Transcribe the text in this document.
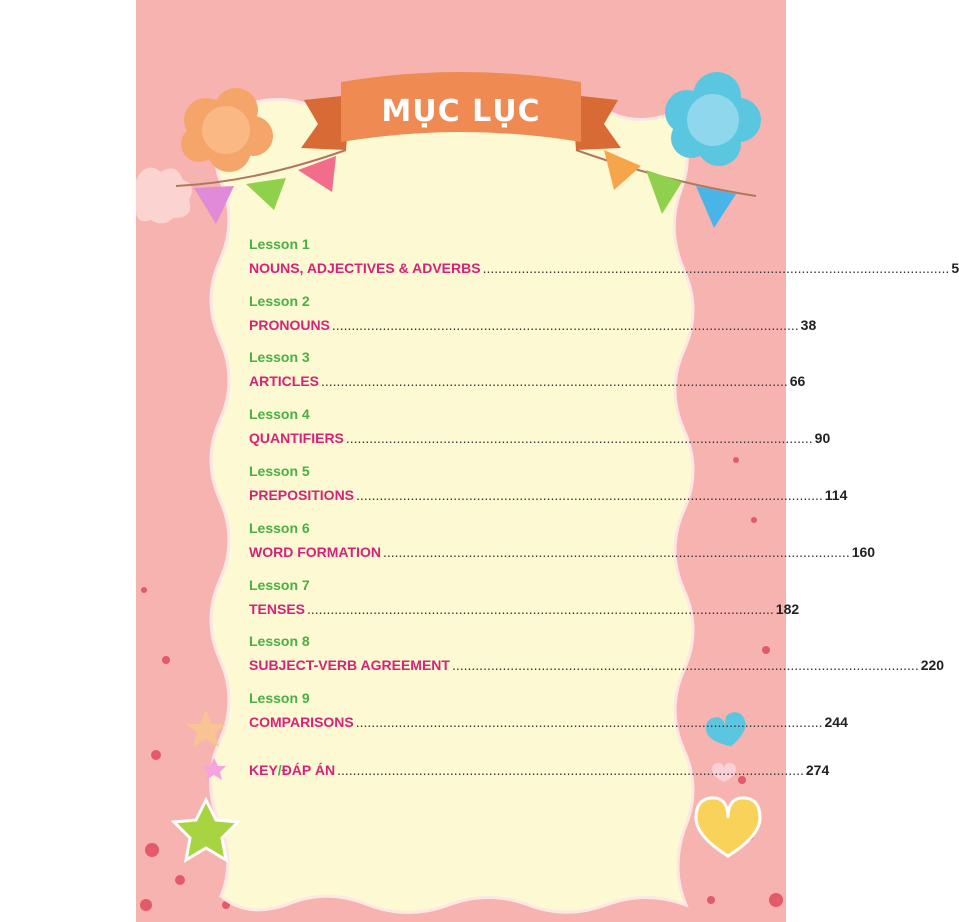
MỤC LỤC
Lesson 1
NOUNS, ADJECTIVES & ADVERBS ........................................................................................................................ 5
Lesson 2
PRONOUNS ........................................................................................................................ 38
Lesson 3
ARTICLES ........................................................................................................................ 66
Lesson 4
QUANTIFIERS ........................................................................................................................ 90
Lesson 5
PREPOSITIONS ........................................................................................................................ 114
Lesson 6
WORD FORMATION ........................................................................................................................ 160
Lesson 7
TENSES ........................................................................................................................ 182
Lesson 8
SUBJECT-VERB AGREEMENT ........................................................................................................................ 220
Lesson 9
COMPARISONS ........................................................................................................................ 244
KEY / ĐÁP ÁN ........................................................................................................................ 274
